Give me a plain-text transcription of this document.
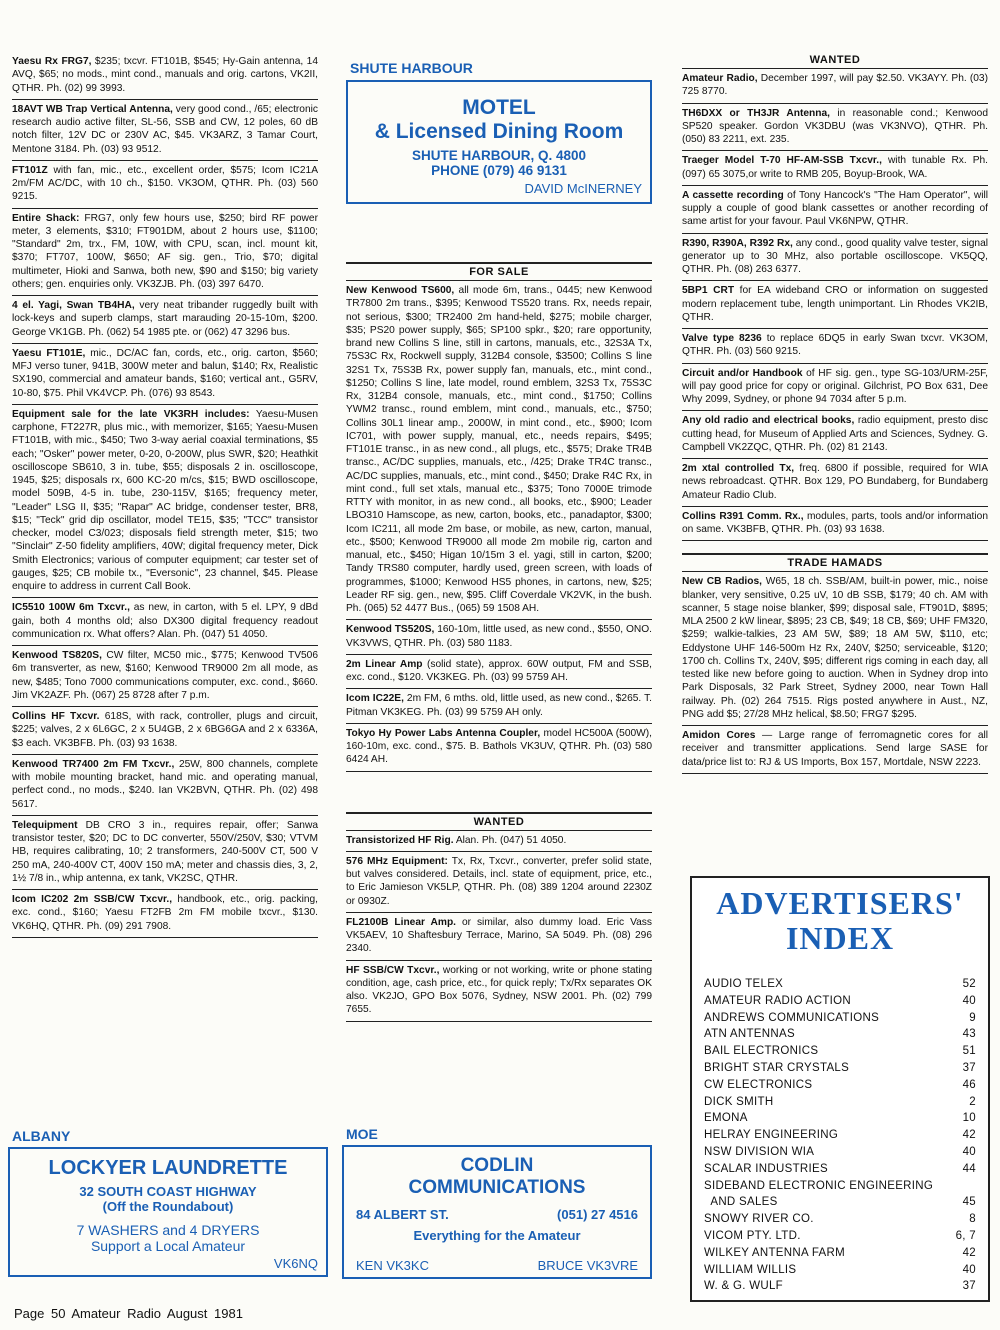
Yaesu Rx FRG7, $235; txcvr. FT101B, $545; Hy-Gain antenna, 14 AVQ, $65; no mods., mint cond., manuals and orig. cartons, VK2II, QTHR. Ph. (02) 99 3993.
18AVT WB Trap Vertical Antenna, very good cond., /65; electronic research audio active filter, SL-56, SSB and CW, 12 poles, 60 dB notch filter, 12V DC or 230V AC, $45. VK3ARZ, 3 Tamar Court, Mentone 3184. Ph. (03) 93 9512.
FT101Z with fan, mic., etc., excellent order, $575; Icom IC21A 2m/FM AC/DC, with 10 ch., $150. VK3OM, QTHR. Ph. (03) 560 9215.
Entire Shack: FRG7, only few hours use, $250; bird RF power meter, 3 elements, $310; FT901DM, about 2 hours use, $1100; "Standard" 2m, trx., FM, 10W, with CPU, scan, incl. mount kit, $370; FT707, 100W, $650; AF sig. gen., Trio, $70; digital multimeter, Hioki and Sanwa, both new, $90 and $150; big variety others; gen. enquiries only. VK3ZJB. Ph. (03) 397 6470.
4 el. Yagi, Swan TB4HA, very neat tribander ruggedly built with lock-keys and superb clamps, start marauding 20-15-10m, $200. George VK1GB. Ph. (062) 54 1985 pte. or (062) 47 3296 bus.
Yaesu FT101E, mic., DC/AC fan, cords, etc., orig. carton, $560; MFJ verso tuner, 941B, 300W meter and balun, $140; Rx, Realistic SX190, commercial and amateur bands, $160; vertical ant., G5RV, 10-80, $75. Phil VK4VCP. Ph. (076) 93 8543.
Equipment sale for the late VK3RH includes: Yaesu-Musen carphone, FT227R, plus mic., with memorizer, $165; Yaesu-Musen FT101B, with mic., $450; Two 3-way aerial coaxial terminations, $5 each; "Osker" power meter, 0-20, 0-200W, plus SWR, $20; Heathkit oscilloscope SB610, 3 in. tube, $55; disposals 2 in. oscilloscope, 1945, $25; disposals rx, 600 KC-20 m/cs, $15; BWD oscilloscope, model 509B, 4-5 in. tube, 230-115V, $165; frequency meter, "Leader" LSG II, $35; "Rapar" AC bridge, condenser tester, BR8, $15; "Teck" grid dip oscillator, model TE15, $35; "TCC" transistor checker, model C3/023; disposals field strength meter, $15; two "Sinclair" Z-50 fidelity amplifiers, 40W; digital frequency meter, Dick Smith Electronics; various of computer equipment; car tester set of gauges, $25; CB mobile tx., "Eversonic", 23 channel, $45. Please enquire to address in current Call Book.
IC5510 100W 6m Txcvr., as new, in carton, with 5 el. LPY, 9 dBd gain, both 4 months old; also DX300 digital frequency readout communication rx. What offers? Alan. Ph. (047) 51 4050.
Kenwood TS820S, CW filter, MC50 mic., $775; Kenwood TV506 6m transverter, as new, $160; Kenwood TR9000 2m all mode, as new, $485; Tono 7000 communications computer, exc. cond., $660. Jim VK2AZF. Ph. (067) 25 8728 after 7 p.m.
Collins HF Txcvr. 618S, with rack, controller, plugs and circuit, $225; valves, 2 x 6L6GC, 2 x 5U4GB, 2 x 6BG6GA and 2 x 6336A, $3 each. VK3BFB. Ph. (03) 93 1638.
Kenwood TR7400 2m FM Txcvr., 25W, 800 channels, complete with mobile mounting bracket, hand mic. and operating manual, perfect cond., no mods., $240. Ian VK2BVN, QTHR. Ph. (02) 498 5617.
Telequipment DB CRO 3 in., requires repair, offer; Sanwa transistor tester, $20; DC to DC converter, 550V/250V, $30; VTVM HB, requires calibrating, 10; 2 transformers, 240-500V CT, 500 V 250 mA, 240-400V CT, 400V 150 mA; meter and chassis dies, 3, 2, 1½ 7/8 in., whip antenna, ex tank, VK2SC, QTHR.
Icom IC202 2m SSB/CW Txcvr., handbook, etc., orig. packing, exc. cond., $160; Yaesu FT2FB 2m FM mobile txcvr., $130. VK6HQ, QTHR. Ph. (09) 291 7908.
SHUTE HARBOUR
MOTEL
& Licensed Dining Room
SHUTE HARBOUR, Q. 4800
PHONE (079) 46 9131
DAVID McINERNEY
FOR SALE
New Kenwood TS600, all mode 6m, trans., 0445; new Kenwood TR7800 2m trans., $395; Kenwood TS520 trans. Rx, needs repair, not serious, $300; TR2400 2m hand-held, $275; mobile charger, $35; PS20 power supply, $65; SP100 spkr., $20; rare opportunity, brand new Collins S line, still in cartons, manuals, etc., 32S3A Tx, 75S3C Rx, Rockwell supply, 312B4 console, $3500; Collins S line 32S1 Tx, 75S3B Rx, power supply fan, manuals, etc., mint cond., $1250; Collins S line, late model, round emblem, 32S3 Tx, 75S3C Rx, 312B4 console, manuals, etc., mint cond., $1750; Collins YWM2 transc., round emblem, mint cond., manuals, etc., $750; Collins 30L1 linear amp., 2000W, in mint cond., etc., $900; Icom IC701, with power supply, manual, etc., needs repairs, $495; FT101E transc., in as new cond., all plugs, etc., $575; Drake TR4B transc., AC/DC supplies, manuals, etc., /425; Drake TR4C transc., AC/DC supplies, manuals, etc., mint cond., $450; Drake R4C Rx, in mint cond., full set xtals, manual etc., $375; Tono 7000E trimode RTTY with monitor, in as new cond., all books, etc., $900; Leader LBO310 Hamscope, as new, carton, books, etc., panadaptor, $300; Icom IC211, all mode 2m base, or mobile, as new, carton, manual, etc., $500; Kenwood TR9000 all mode 2m mobile rig, carton and manual, etc., $450; Higan 10/15m 3 el. yagi, still in carton, $200; Tandy TRS80 computer, hardly used, green screen, with loads of programmes, $1000; Kenwood HS5 phones, in cartons, new, $25; Leader RF sig. gen., new, $95. Cliff Coverdale VK2VK, in the bush. Ph. (065) 52 4477 Bus., (065) 59 1508 AH.
Kenwood TS520S, 160-10m, little used, as new cond., $550, ONO. VK3VWS, QTHR. Ph. (03) 580 1183.
2m Linear Amp (solid state), approx. 60W output, FM and SSB, exc. cond., $120. VK3KEG. Ph. (03) 99 5759 AH.
Icom IC22E, 2m FM, 6 mths. old, little used, as new cond., $265. T. Pitman VK3KEG. Ph. (03) 99 5759 AH only.
Tokyo Hy Power Labs Antenna Coupler, model HC500A (500W), 160-10m, exc. cond., $75. B. Bathols VK3UV, QTHR. Ph. (03) 580 6424 AH.
WANTED
Transistorized HF Rig. Alan. Ph. (047) 51 4050.
576 MHz Equipment: Tx, Rx, Txcvr., converter, prefer solid state, but valves considered. Details, incl. state of equipment, price, etc., to Eric Jamieson VK5LP, QTHR. Ph. (08) 389 1204 around 2230Z or 0930Z.
FL2100B Linear Amp. or similar, also dummy load. Eric Vass VK5AEV, 10 Shaftesbury Terrace, Marino, SA 5049. Ph. (08) 296 2340.
HF SSB/CW Txcvr., working or not working, write or phone stating condition, age, cash price, etc., for quick reply; Tx/Rx separates OK also. VK2JO, GPO Box 5076, Sydney, NSW 2001. Ph. (02) 799 7655.
WANTED
Amateur Radio, December 1997, will pay $2.50. VK3AYY. Ph. (03) 725 8770.
TH6DXX or TH3JR Antenna, in reasonable cond.; Kenwood SP520 speaker. Gordon VK3DBU (was VK3NVO), QTHR. Ph. (050) 83 2211, ext. 235.
Traeger Model T-70 HF-AM-SSB Txcvr., with tunable Rx. Ph. (097) 65 3075,or write to RMB 205, Boyup-Brook, WA.
A cassette recording of Tony Hancock's "The Ham Operator", will supply a couple of good blank cassettes or another recording of same artist for your favour. Paul VK6NPW, QTHR.
R390, R390A, R392 Rx, any cond., good quality valve tester, signal generator up to 30 MHz, also portable oscilloscope. VK5QQ, QTHR. Ph. (08) 263 6377.
5BP1 CRT for EA wideband CRO or information on suggested modern replacement tube, length unimportant. Lin Rhodes VK2IB, QTHR.
Valve type 8236 to replace 6DQ5 in early Swan txcvr. VK3OM, QTHR. Ph. (03) 560 9215.
Circuit and/or Handbook of HF sig. gen., type SG-103/URM-25F, will pay good price for copy or original. Gilchrist, PO Box 631, Dee Why 2099, Sydney, or phone 94 7034 after 5 p.m.
Any old radio and electrical books, radio equipment, presto disc cutting head, for Museum of Applied Arts and Sciences, Sydney. G. Campbell VK2ZQC, QTHR. Ph. (02) 81 2143.
2m xtal controlled Tx, freq. 6800 if possible, required for WIA news rebroadcast. QTHR. Box 129, PO Bundaberg, for Bundaberg Amateur Radio Club.
Collins R391 Comm. Rx., modules, parts, tools and/or information on same. VK3BFB, QTHR. Ph. (03) 93 1638.
TRADE HAMADS
New CB Radios, W65, 18 ch. SSB/AM, built-in power, mic., noise blanker, very sensitive, 0.25 uV, 10 dB SSB, $179; 40 ch. AM with scanner, 5 stage noise blanker, $99; disposal sale, FT901D, $895; MLA 2500 2 kW linear, $895; 23 CB, $49; 18 CB, $69; UHF FM320, $259; walkie-talkies, 23 AM 5W, $89; 18 AM 5W, $110, etc; Eddystone UHF 146-500m Hz Rx, 240V, $250; serviceable, $120; 1700 ch. Collins Tx, 240V, $95; different rigs coming in each day, all tested like new before going to auction. When in Sydney drop into Park Disposals, 32 Park Street, Sydney 2000, near Town Hall railway. Ph. (02) 264 7515. Rigs posted anywhere in Aust., NZ, PNG add $5; 27/28 MHz helical, $8.50; FRG7 $295.
Amidon Cores — Large range of ferromagnetic cores for all receiver and transmitter applications. Send large SASE for data/price list to: RJ & US Imports, Box 157, Mortdale, NSW 2223.
ALBANY
LOCKYER LAUNDRETTE
32 SOUTH COAST HIGHWAY
(Off the Roundabout)
7 WASHERS and 4 DRYERS
Support a Local Amateur
VK6NQ
MOE
CODLIN
COMMUNICATIONS
84 ALBERT ST.	(051) 27 4516
Everything for the Amateur
KEN VK3KC	BRUCE VK3VRE
ADVERTISERS'
INDEX
AUDIO TELEX	52
AMATEUR RADIO ACTION	40
ANDREWS COMMUNICATIONS	9
ATN ANTENNAS	43
BAIL ELECTRONICS	51
BRIGHT STAR CRYSTALS	37
CW ELECTRONICS	46
DICK SMITH	2
EMONA	10
HELRAY ENGINEERING	42
NSW DIVISION WIA	40
SCALAR INDUSTRIES	44
SIDEBAND ELECTRONIC ENGINEERING
AND SALES	45
SNOWY RIVER CO.	8
VICOM PTY. LTD.	6, 7
WILKEY ANTENNA FARM	42
WILLIAM WILLIS	40
W. & G. WULF	37
Page 50 Amateur Radio August 1981
